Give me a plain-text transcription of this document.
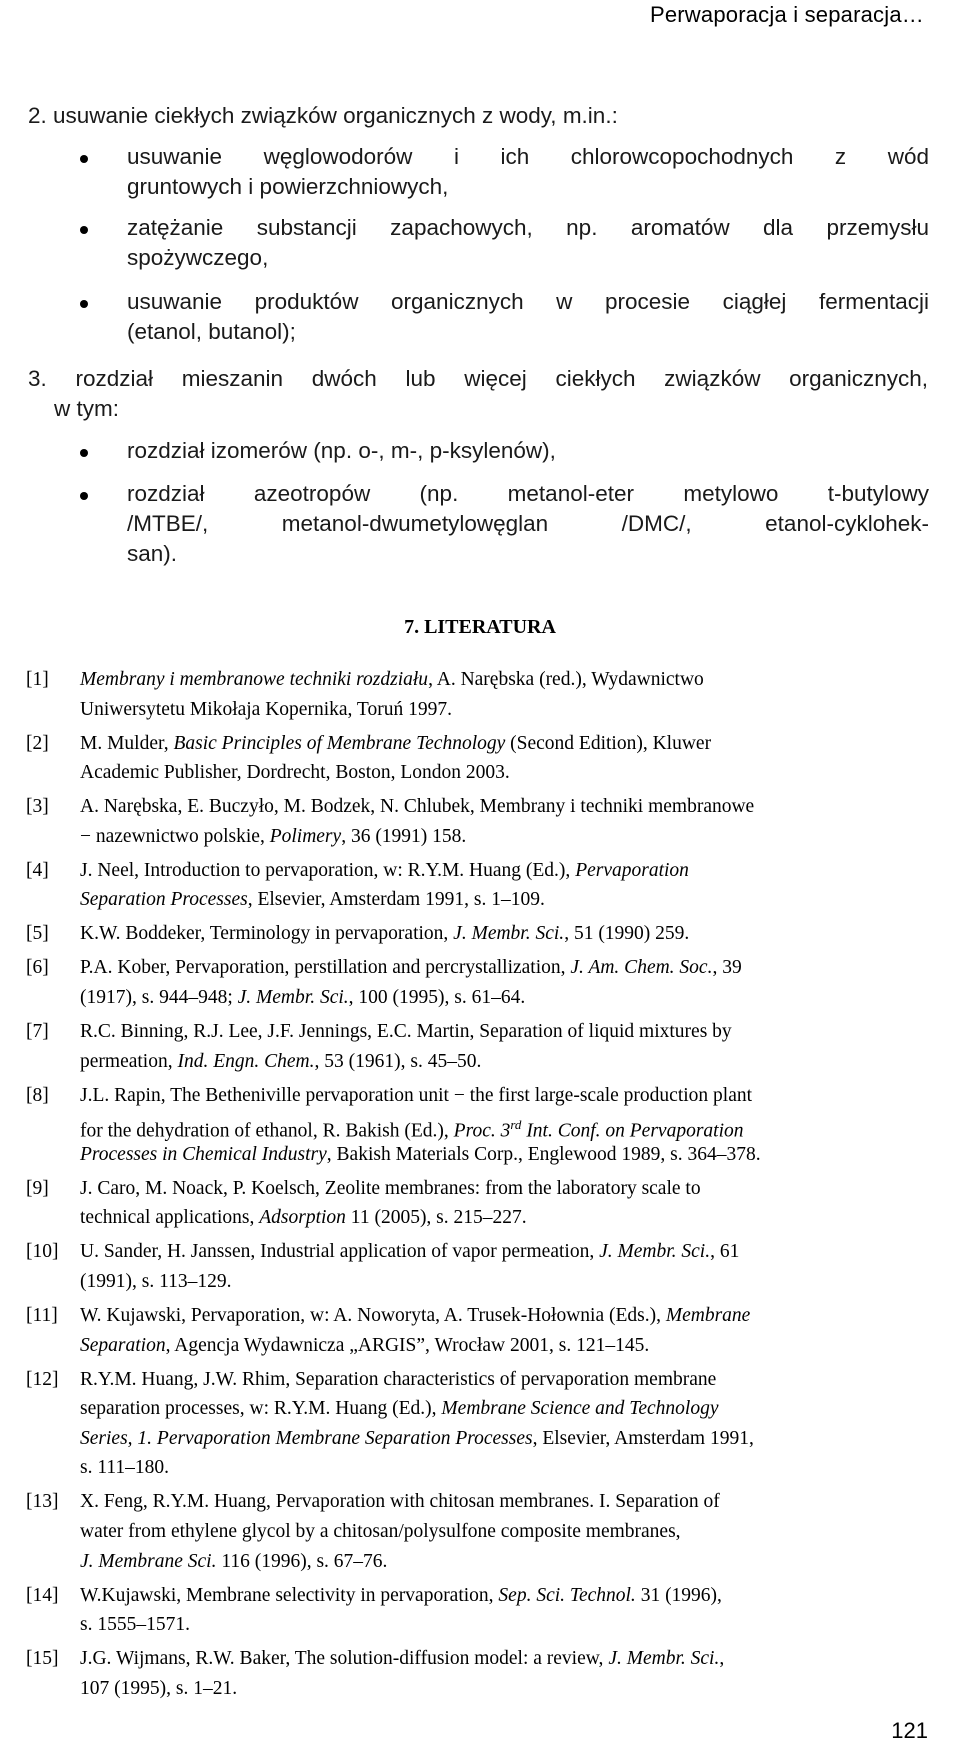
Perwaporacja i separacja…
2. usuwanie ciekłych związków organicznych z wody, m.in.:
usuwanie węglowodorów i ich chlorowcopochodnych z wód
gruntowych i powierzchniowych,
zatężanie substancji zapachowych, np. aromatów dla przemysłu
spożywczego,
usuwanie produktów organicznych w procesie ciągłej fermentacji
(etanol, butanol);
3. rozdział mieszanin dwóch lub więcej ciekłych związków organicznych,
w tym:
rozdział izomerów (np. o-, m-, p-ksylenów),
rozdział azeotropów (np. metanol-eter metylowo t-butylowy
/MTBE/, metanol-dwumetylowęglan /DMC/, etanol-cyklohek-
san).
7. LITERATURA
[1] Membrany i membranowe techniki rozdziału, A. Narębska (red.), Wydawnictwo
Uniwersytetu Mikołaja Kopernika, Toruń 1997.
[2] M. Mulder, Basic Principles of Membrane Technology (Second Edition), Kluwer
Academic Publisher, Dordrecht, Boston, London 2003.
[3] A. Narębska, E. Buczyło, M. Bodzek, N. Chlubek, Membrany i techniki membranowe
− nazewnictwo polskie, Polimery, 36 (1991) 158.
[4] J. Neel, Introduction to pervaporation, w: R.Y.M. Huang (Ed.), Pervaporation
Separation Processes, Elsevier, Amsterdam 1991, s. 1–109.
[5] K.W. Boddeker, Terminology in pervaporation, J. Membr. Sci., 51 (1990) 259.
[6] P.A. Kober, Pervaporation, perstillation and percrystallization, J. Am. Chem. Soc., 39
(1917), s. 944–948; J. Membr. Sci., 100 (1995), s. 61–64.
[7] R.C. Binning, R.J. Lee, J.F. Jennings, E.C. Martin, Separation of liquid mixtures by
permeation, Ind. Engn. Chem., 53 (1961), s. 45–50.
[8] J.L. Rapin, The Betheniville pervaporation unit − the first large-scale production plant
for the dehydration of ethanol, R. Bakish (Ed.), Proc. 3rd Int. Conf. on Pervaporation
Processes in Chemical Industry, Bakish Materials Corp., Englewood 1989, s. 364–378.
[9] J. Caro, M. Noack, P. Koelsch, Zeolite membranes: from the laboratory scale to
technical applications, Adsorption 11 (2005), s. 215–227.
[10] U. Sander, H. Janssen, Industrial application of vapor permeation, J. Membr. Sci., 61
(1991), s. 113–129.
[11] W. Kujawski, Pervaporation, w: A. Noworyta, A. Trusek-Hołownia (Eds.), Membrane
Separation, Agencja Wydawnicza „ARGIS”, Wrocław 2001, s. 121–145.
[12] R.Y.M. Huang, J.W. Rhim, Separation characteristics of pervaporation membrane
separation processes, w: R.Y.M. Huang (Ed.), Membrane Science and Technology
Series, 1. Pervaporation Membrane Separation Processes, Elsevier, Amsterdam 1991,
s. 111–180.
[13] X. Feng, R.Y.M. Huang, Pervaporation with chitosan membranes. I. Separation of
water from ethylene glycol by a chitosan/polysulfone composite membranes,
J. Membrane Sci. 116 (1996), s. 67–76.
[14] W.Kujawski, Membrane selectivity in pervaporation, Sep. Sci. Technol. 31 (1996),
s. 1555–1571.
[15] J.G. Wijmans, R.W. Baker, The solution-diffusion model: a review, J. Membr. Sci.,
107 (1995), s. 1–21.
121
